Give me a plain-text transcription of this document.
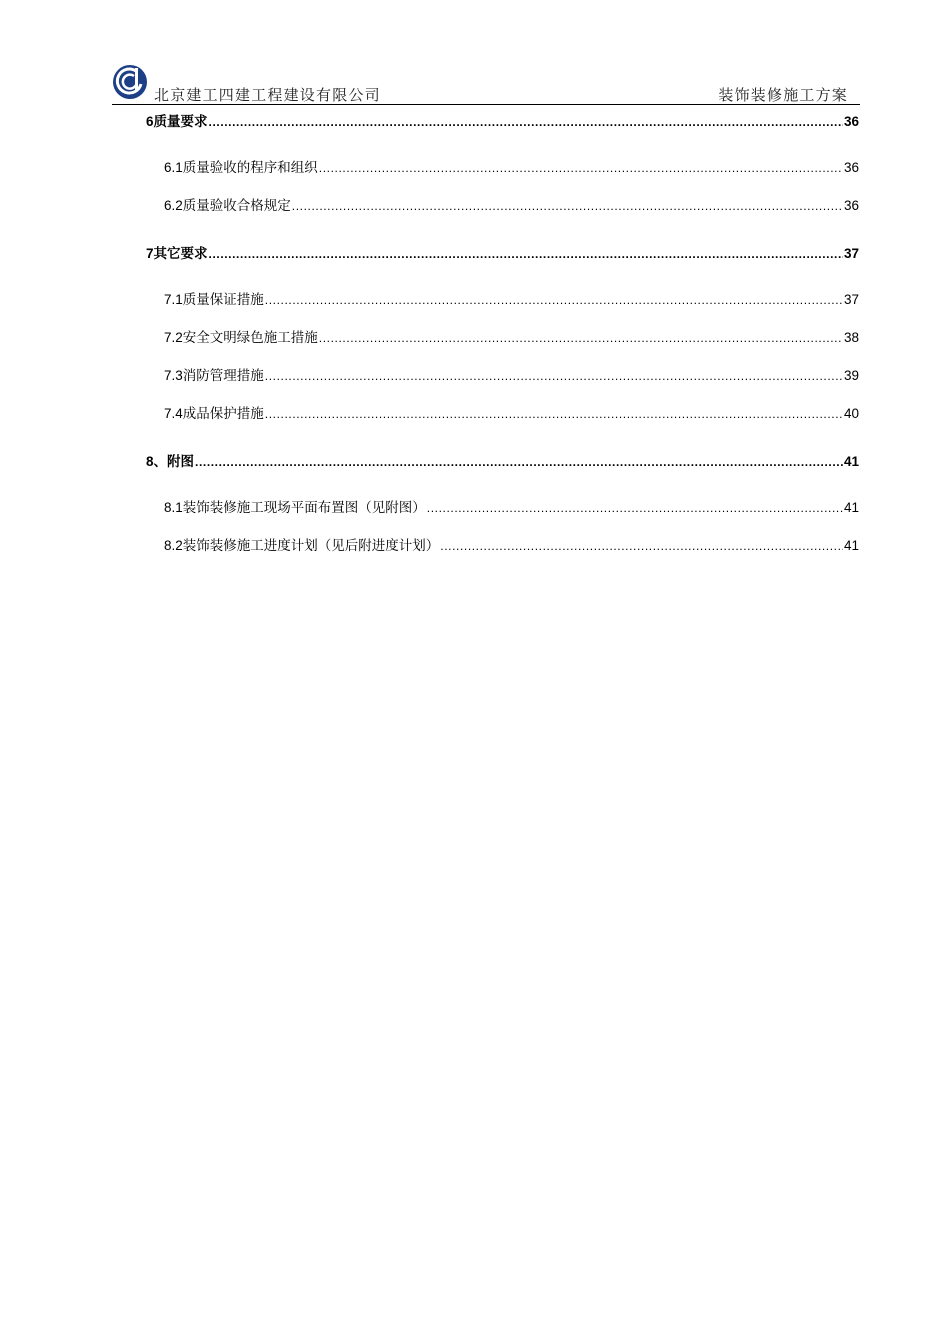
北京建工四建工程建设有限公司	装饰装修施工方案
6 质量要求 .....	36
6.1 质量验收的程序和组织 .....	36
6.2 质量验收合格规定 .....	36
7 其它要求 .....	37
7.1 质量保证措施 .....	37
7.2 安全文明绿色施工措施 .....	38
7.3 消防管理措施 .....	39
7.4 成品保护措施 .....	40
8 、附图 .....	41
8.1 装饰装修施工现场平面布置图（见附图） .....	41
8.2 装饰装修施工进度计划（见后附进度计划） .....	41
